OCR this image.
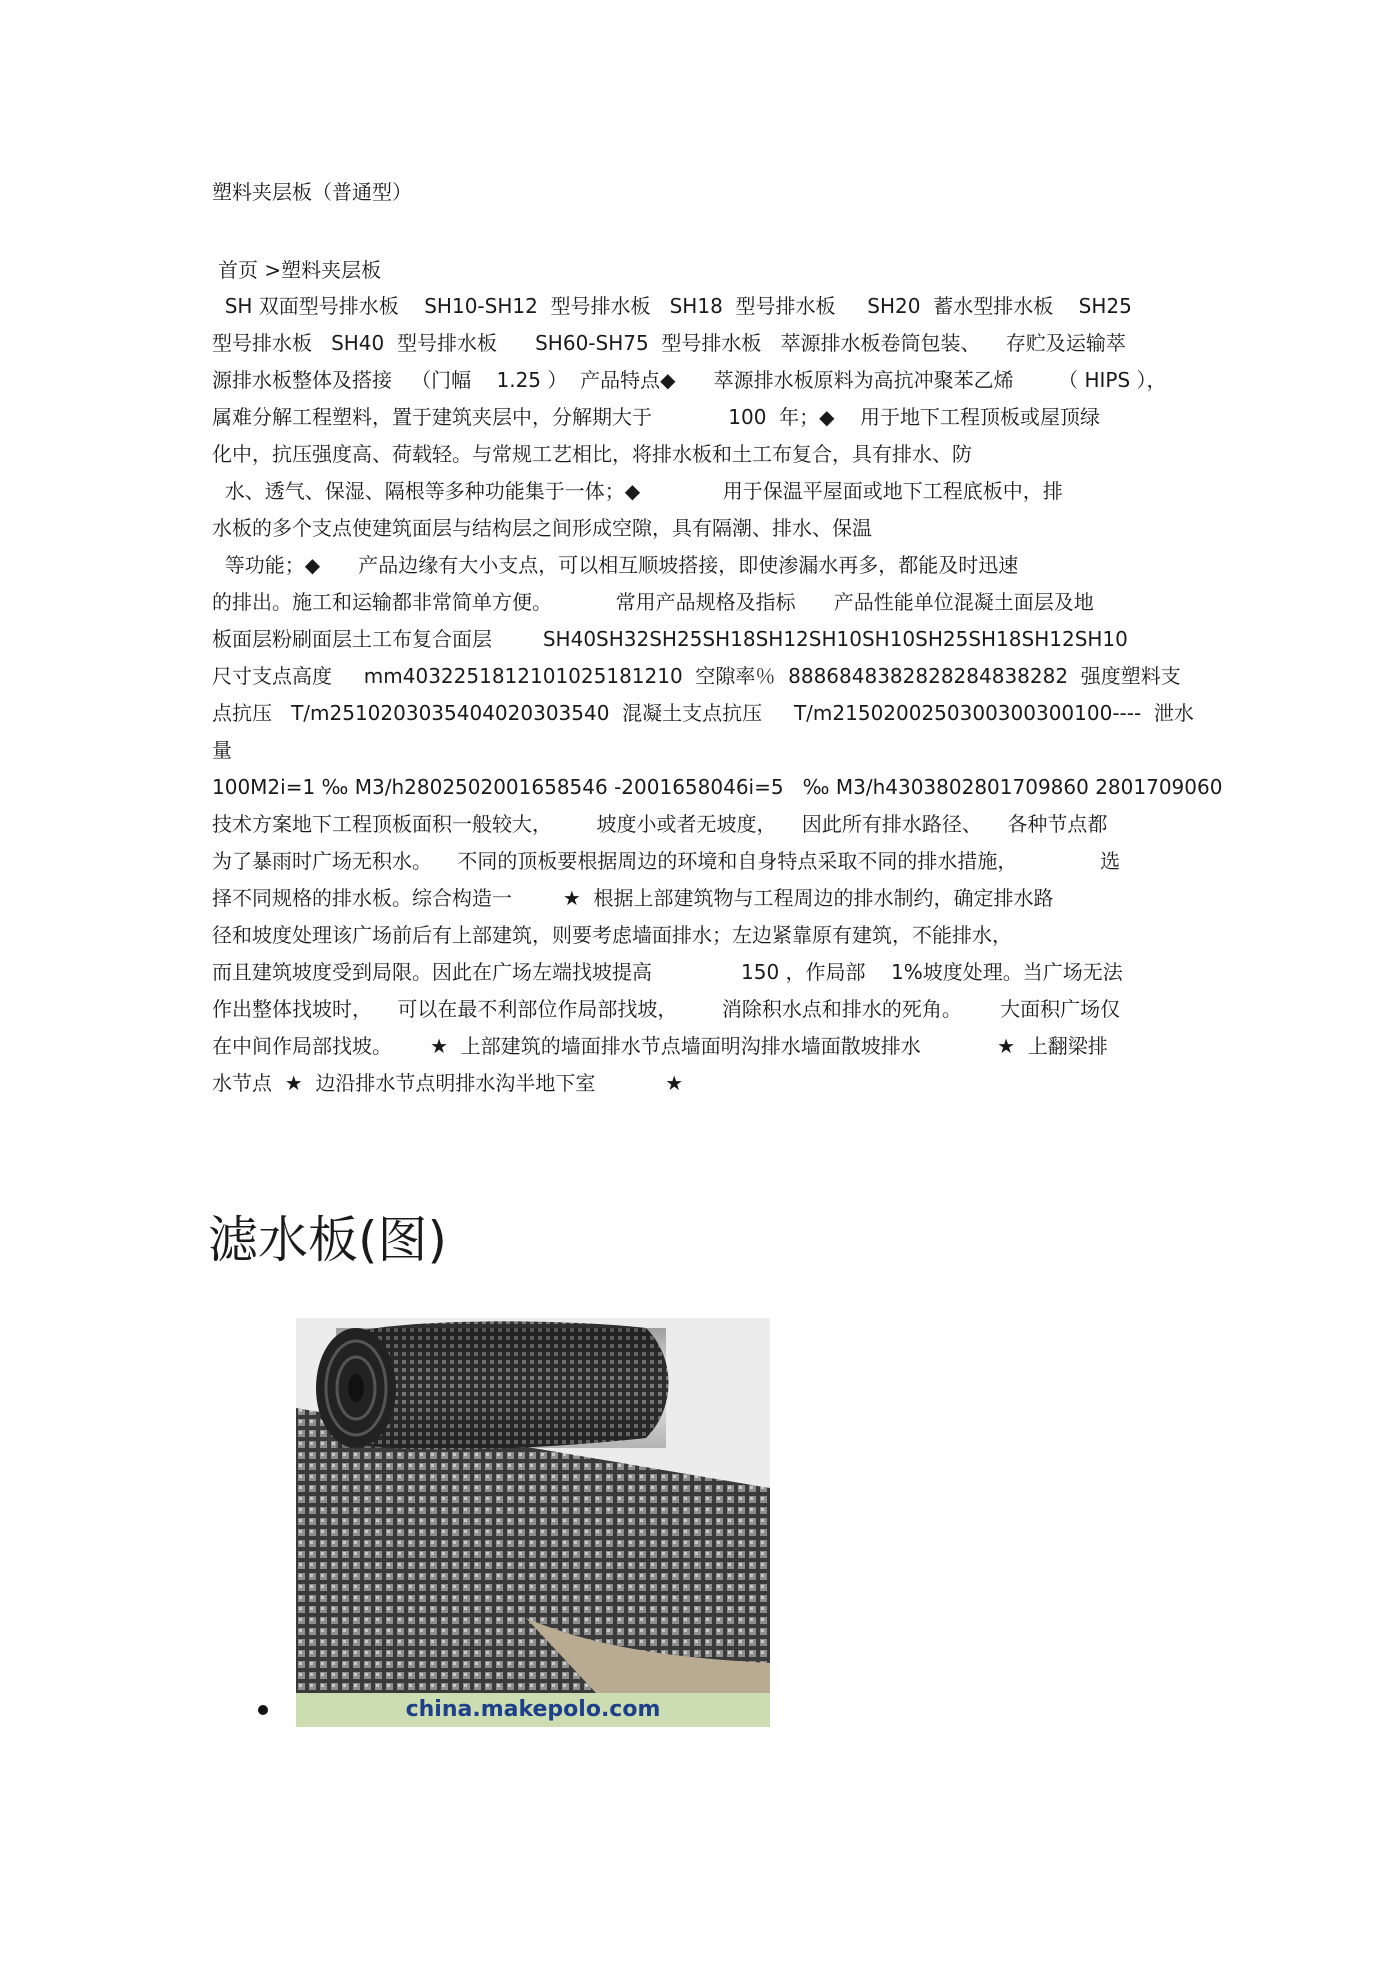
塑料夹层板（普通型）
首页 >塑料夹层板
SH 双面型号排水板    SH10-SH12  型号排水板   SH18  型号排水板     SH20  蓄水型排水板    SH25
型号排水板   SH40  型号排水板      SH60-SH75  型号排水板   萃源排水板卷筒包装、    存贮及运输萃
源排水板整体及搭接   （门幅    1.25 ）  产品特点◆      萃源排水板原料为高抗冲聚苯乙烯       （ HIPS ），
属难分解工程塑料，置于建筑夹层中，分解期大于            100  年；◆    用于地下工程顶板或屋顶绿
化中，抗压强度高、荷载轻。与常规工艺相比，将排水板和土工布复合，具有排水、防
水、透气、保湿、隔根等多种功能集于一体；◆             用于保温平屋面或地下工程底板中，排
水板的多个支点使建筑面层与结构层之间形成空隙，具有隔潮、排水、保温
等功能；◆      产品边缘有大小支点，可以相互顺坡搭接，即使渗漏水再多，都能及时迅速
的排出。施工和运输都非常简单方便。          常用产品规格及指标      产品性能单位混凝土面层及地
板面层粉刷面层土工布复合面层        SH40SH32SH25SH18SH12SH10SH10SH25SH18SH12SH10
尺寸支点高度     mm4032251812101025181210  空隙率％  8886848382828284838282  强度塑料支
点抗压   T/m2510203035404020303540  混凝土支点抗压     T/m21502002503003003​00100----  泄水
量
100M2i=1 ‰ M3/h2802502001658546 -2001658046i=5   ‰ M3/h4303802801709860 2801709060
技术方案地下工程顶板面积一般较大，       坡度小或者无坡度，    因此所有排水路径、    各种节点都
为了暴雨时广场无积水。    不同的顶板要根据周边的环境和自身特点采取不同的排水措施，             选
择不同规格的排水板。综合构造一        ★  根据上部建筑物与工程周边的排水制约，确定排水路
径和坡度处理该广场前后有上部建筑，则要考虑墙面排水；左边紧靠原有建筑，不能排水，
而且建筑坡度受到局限。因此在广场左端找坡提高              150 ，作局部    1%坡度处理。当广场无法
作出整体找坡时，    可以在最不利部位作局部找坡，       消除积水点和排水的死角。      大面积广场仅
在中间作局部找坡。      ★  上部建筑的墙面排水节点墙面明沟排水墙面散坡排水            ★  上翻梁排
水节点  ★  边沿排水节点明排水沟半地下室           ★
滤水板(图)
china.makepolo.com
